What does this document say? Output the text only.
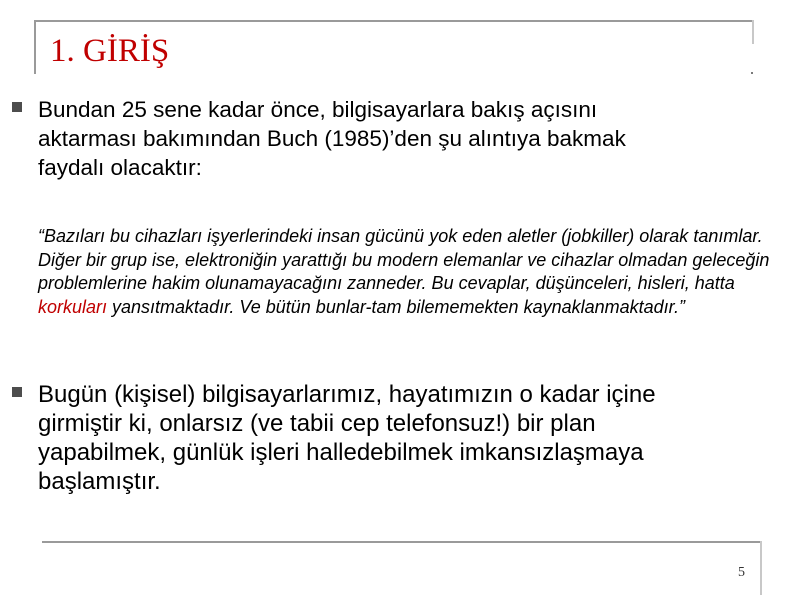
1. GİRİŞ
Bundan 25 sene kadar önce, bilgisayarlara bakış açısını
aktarması bakımından Buch (1985)’den şu alıntıya bakmak
faydalı olacaktır:
“Bazıları bu cihazları işyerlerindeki insan gücünü yok eden aletler (jobkiller) olarak tanımlar. Diğer bir grup ise, elektroniğin yarattığı bu modern elemanlar ve cihazlar olmadan geleceğin problemlerine hakim olunamayacağını zanneder. Bu cevaplar, düşünceleri, hisleri, hatta korkuları yansıtmaktadır. Ve bütün bunlar-tam bilememekten kaynaklanmaktadır.”
Bugün (kişisel) bilgisayarlarımız, hayatımızın o kadar içine
girmiştir ki, onlarsız (ve tabii cep telefonsuz!) bir plan
yapabilmek, günlük işleri halledebilmek imkansızlaşmaya
başlamıştır.
5
